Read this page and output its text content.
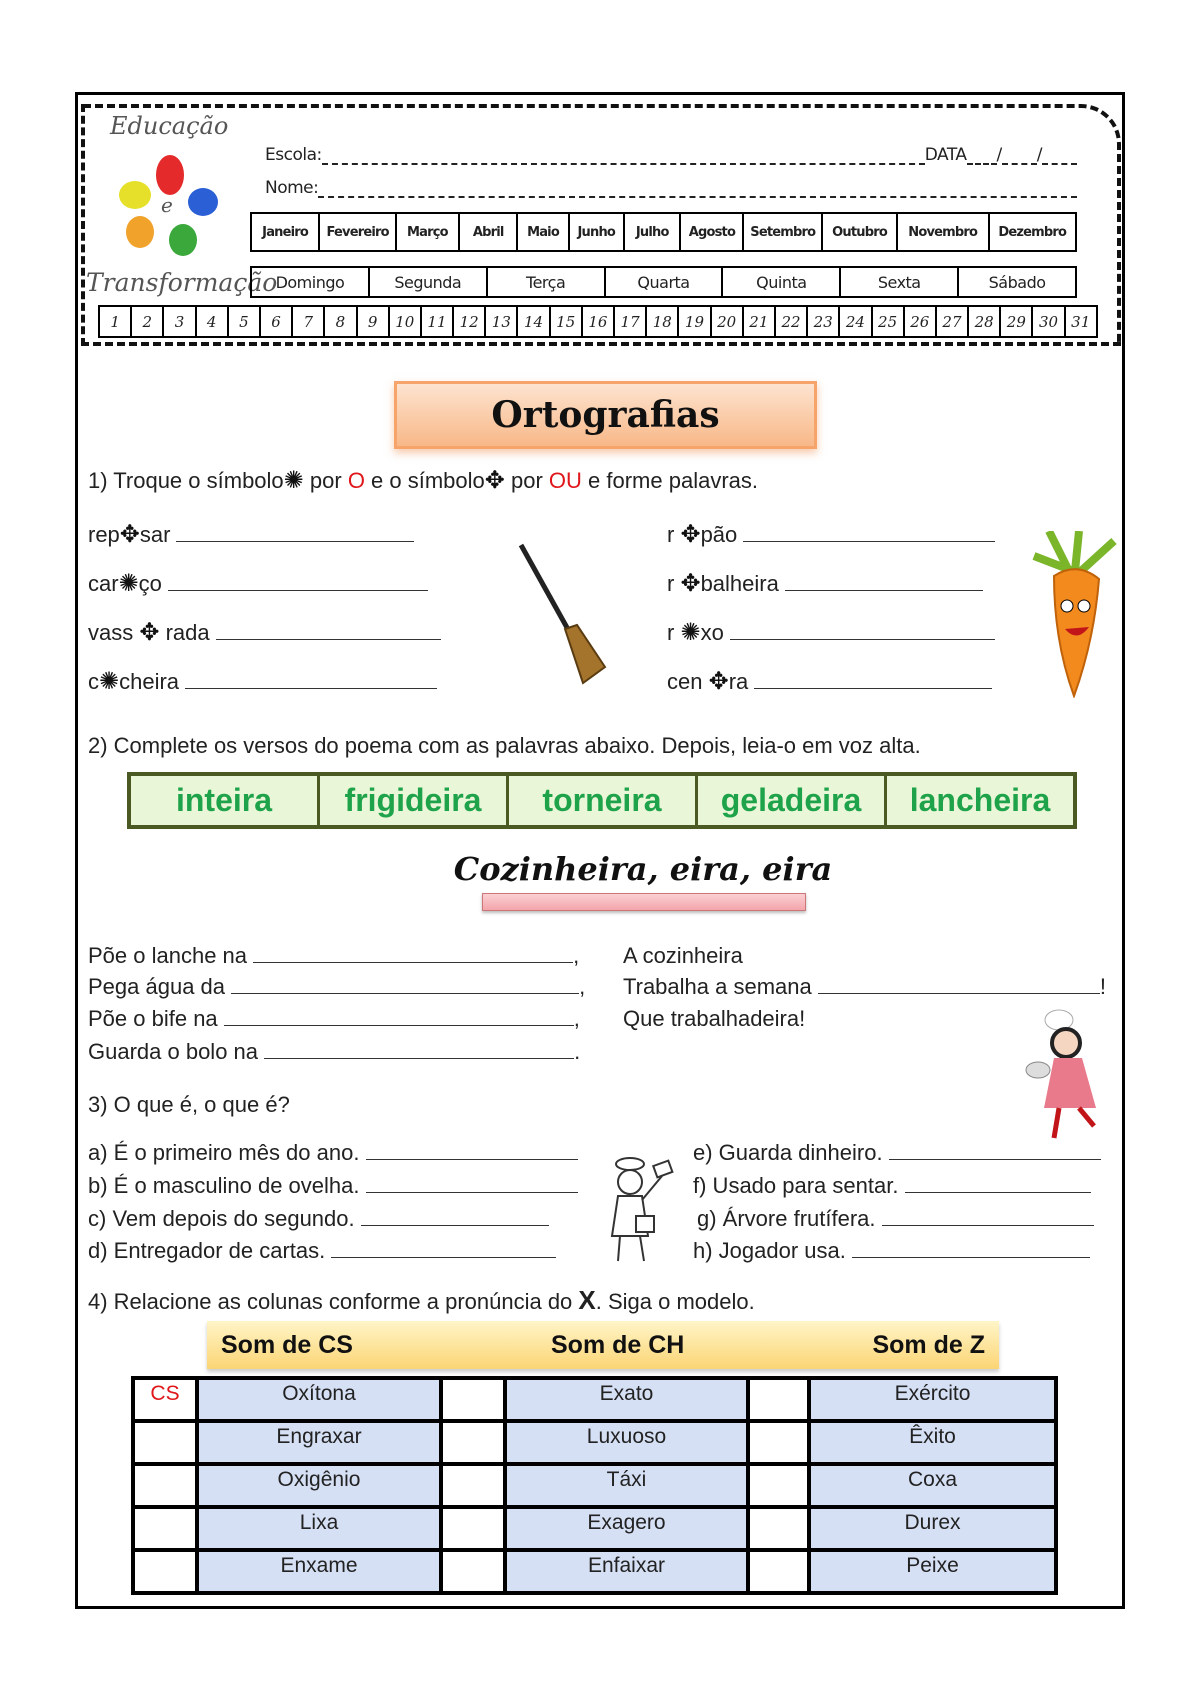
Educação
e
Transformação
Escola:	DATA / /
Nome:
Janeiro	Fevereiro	Março	Abril	Maio	Junho	Julho	Agosto	Setembro	Outubro	Novembro	Dezembro
Domingo	Segunda	Terça	Quarta	Quinta	Sexta	Sábado
1	2	3	4	5	6	7	8	9	10 11 12 13 14 15 16 17 18 19 20 21 22 23 24 25 26 27 28 29 30 31
Ortografias
1) Troque o símbolo✺ por O e o símbolo✥ por OU e forme palavras.
2) Complete os versos do poema com as palavras abaixo. Depois, leia-o em voz alta.
inteira	frigideira	torneira	geladeira	lancheira
Cozinheira, eira, eira
3) O que é, o que é?
4) Relacione as colunas conforme a pronúncia do X. Siga o modelo.
Som de CS	Som de CH	Som de Z
CS	Oxítona		Exato		Exército
	Engraxar		Luxuoso		Êxito
	Oxigênio		Táxi		Coxa
	Lixa		Exagero		Durex
	Enxame		Enfaixar		Peixe
rep✥sar
car✺ço
vass ✥ rada
c✺cheira
r ✥pão
r ✥balheira
r ✺xo
cen ✥ra
Põe o lanche na	,
Pega água da	,
Põe o bife na	,
Guarda o bolo na	.
A cozinheira
Trabalha a semana	!
Que trabalhadeira!
a) É o primeiro mês do ano.
b) É o masculino de ovelha.
c) Vem depois do segundo.
d) Entregador de cartas.
e) Guarda dinheiro.
f) Usado para sentar.
g) Árvore frutífera.
h) Jogador usa.
